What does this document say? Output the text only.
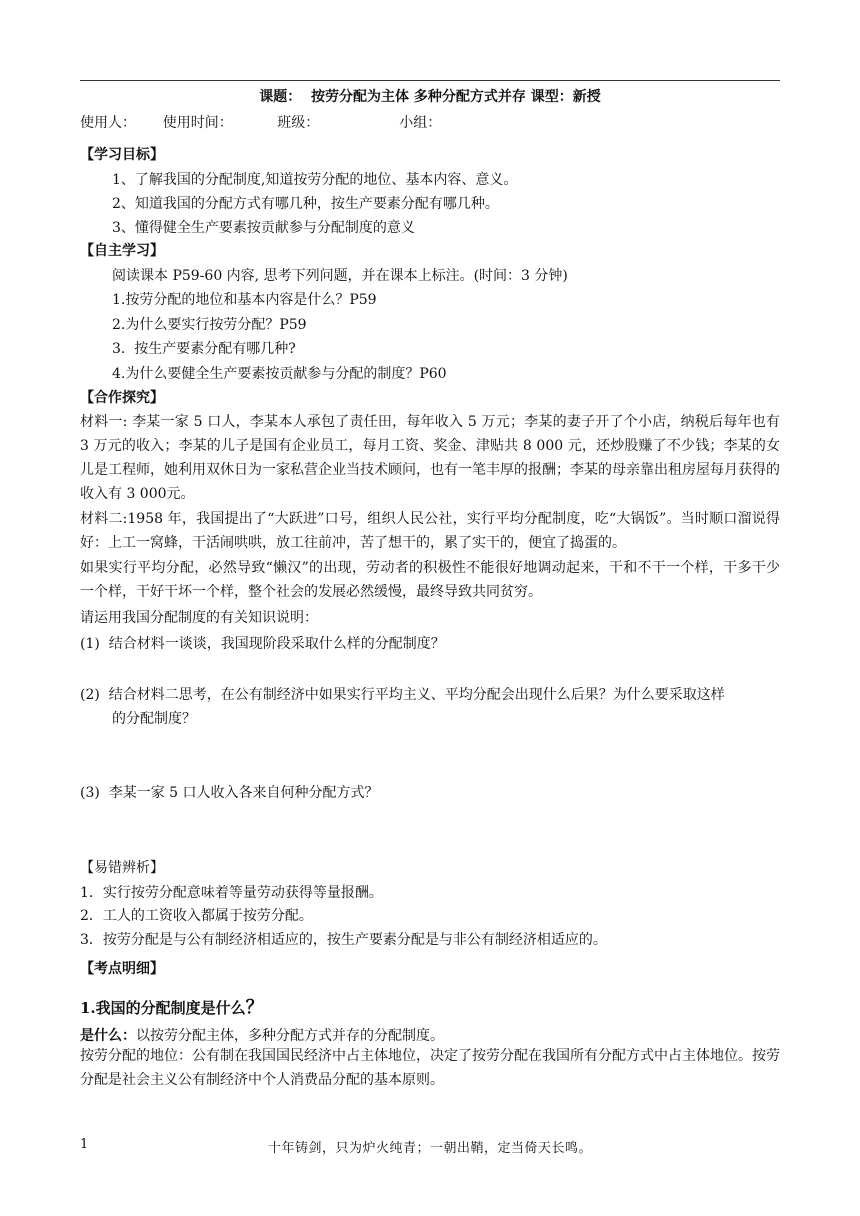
课题：  按劳分配为主体 多种分配方式并存 课型：新授
使用人：      使用时间：          班级：                  小组：
【学习目标】
1、了解我国的分配制度,知道按劳分配的地位、基本内容、意义。
2、知道我国的分配方式有哪几种，按生产要素分配有哪几种。
3、懂得健全生产要素按贡献参与分配制度的意义
【自主学习】
阅读课本 P59-60 内容, 思考下列问题，并在课本上标注。(时间：3 分钟)
1.按劳分配的地位和基本内容是什么？P59
2.为什么要实行按劳分配？P59
3.  按生产要素分配有哪几种?
4.为什么要健全生产要素按贡献参与分配的制度？P60
【合作探究】
材料一: 李某一家 5 口人，李某本人承包了责任田，每年收入 5 万元；李某的妻子开了个小店，纳税后每年也有 3 万元的收入；李某的儿子是国有企业员工，每月工资、奖金、津贴共 8 000 元，还炒股赚了不少钱；李某的女儿是工程师，她利用双休日为一家私营企业当技术顾问，也有一笔丰厚的报酬；李某的母亲靠出租房屋每月获得的收入有 3 000元。
材料二:1958 年，我国提出了“大跃进”口号，组织人民公社，实行平均分配制度，吃“大锅饭”。当时顺口溜说得好：上工一窝蜂，干活闹哄哄，放工往前冲，苦了想干的，累了实干的，便宜了捣蛋的。
如果实行平均分配，必然导致“懒汉”的出现，劳动者的积极性不能很好地调动起来，干和不干一个样，干多干少一个样，干好干坏一个样，整个社会的发展必然缓慢，最终导致共同贫穷。
请运用我国分配制度的有关知识说明：
(1)  结合材料一谈谈，我国现阶段采取什么样的分配制度？
(2)  结合材料二思考，在公有制经济中如果实行平均主义、平均分配会出现什么后果？为什么要采取这样
的分配制度？
(3)  李某一家 5 口人收入各来自何种分配方式？
【易错辨析】
1．实行按劳分配意味着等量劳动获得等量报酬。
2．工人的工资收入都属于按劳分配。
3．按劳分配是与公有制经济相适应的，按生产要素分配是与非公有制经济相适应的。
【考点明细】
1.我国的分配制度是什么？
是什么：以按劳分配主体，多种分配方式并存的分配制度。
按劳分配的地位：公有制在我国国民经济中占主体地位，决定了按劳分配在我国所有分配方式中占主体地位。按劳分配是社会主义公有制经济中个人消费品分配的基本原则。
1	十年铸剑，只为炉火纯青；一朝出鞘，定当倚天长鸣。
